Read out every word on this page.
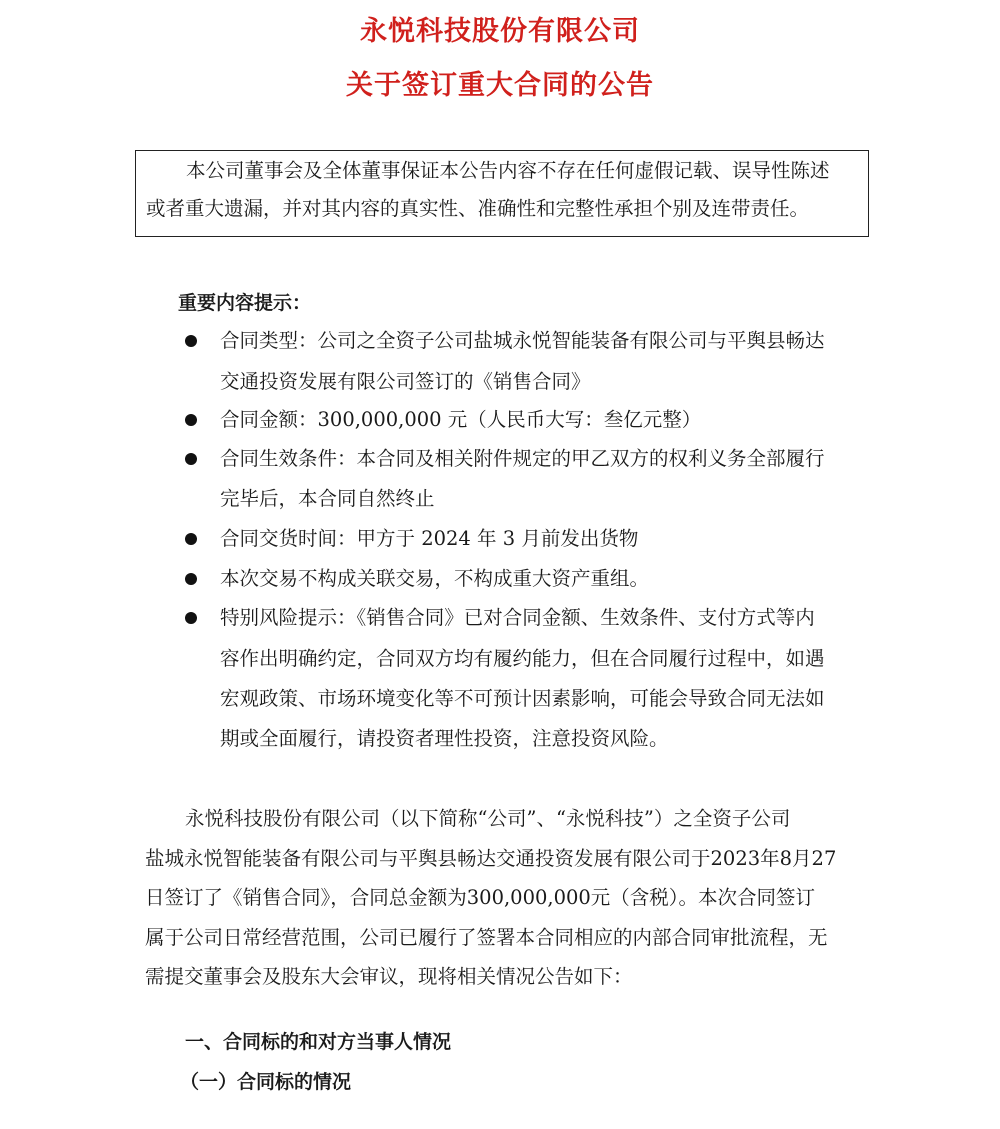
永悦科技股份有限公司
关于签订重大合同的公告
本公司董事会及全体董事保证本公告内容不存在任何虚假记载、误导性陈述
或者重大遗漏，并对其内容的真实性、准确性和完整性承担个别及连带责任。
重要内容提示：
合同类型：公司之全资子公司盐城永悦智能装备有限公司与平舆县畅达
交通投资发展有限公司签订的《销售合同》
合同金额：300,000,000 元（人民币大写：叁亿元整）
合同生效条件：本合同及相关附件规定的甲乙双方的权利义务全部履行
完毕后，本合同自然终止
合同交货时间：甲方于 2024 年 3 月前发出货物
本次交易不构成关联交易，不构成重大资产重组。
特别风险提示：《销售合同》已对合同金额、生效条件、支付方式等内
容作出明确约定，合同双方均有履约能力，但在合同履行过程中，如遇
宏观政策、市场环境变化等不可预计因素影响，可能会导致合同无法如
期或全面履行，请投资者理性投资，注意投资风险。
永悦科技股份有限公司（以下简称“公司”、“永悦科技”）之全资子公司
盐城永悦智能装备有限公司与平舆县畅达交通投资发展有限公司于2023年8月27
日签订了《销售合同》，合同总金额为300,000,000元（含税）。本次合同签订
属于公司日常经营范围，公司已履行了签署本合同相应的内部合同审批流程，无
需提交董事会及股东大会审议，现将相关情况公告如下：
一、合同标的和对方当事人情况
（一）合同标的情况
